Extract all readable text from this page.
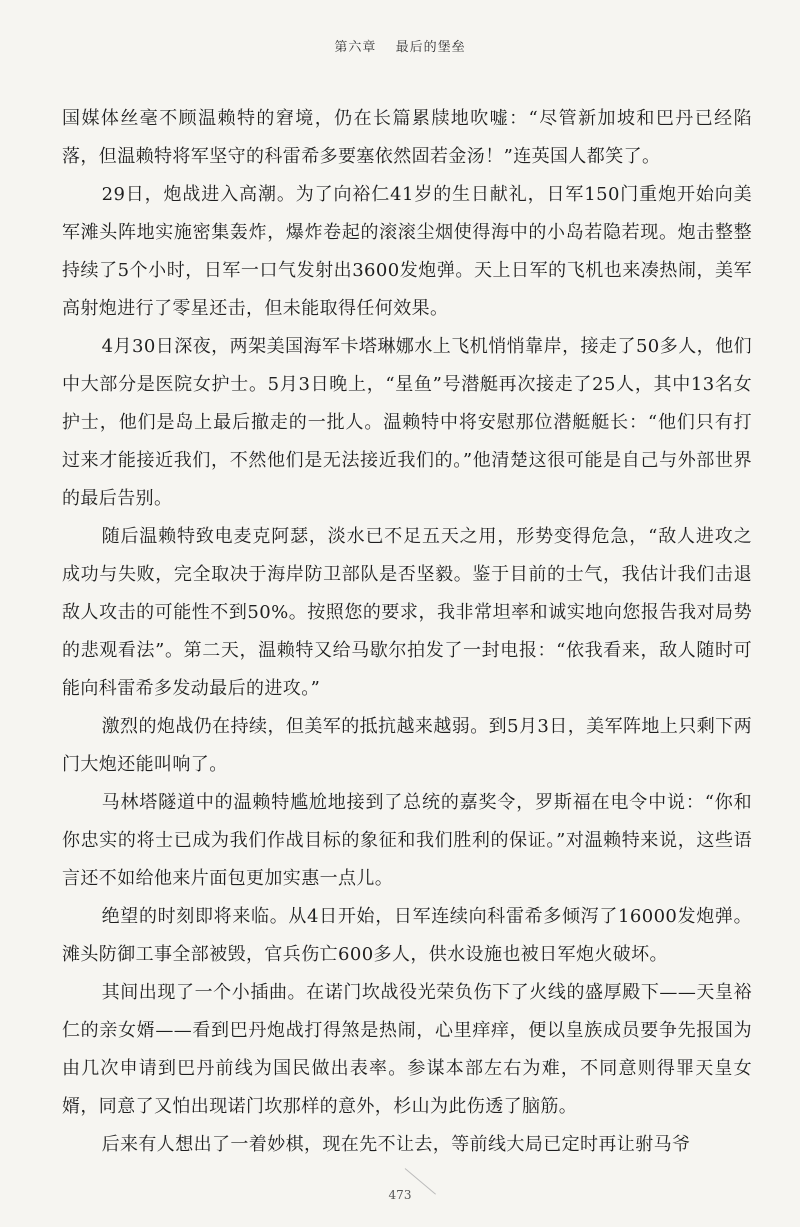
第六章 最后的堡垒

国媒体丝毫不顾温赖特的窘境，仍在长篇累牍地吹嘘：“尽管新加坡和巴丹已经陷落，但温赖特将军坚守的科雷希多要塞依然固若金汤！”连英国人都笑了。

29日，炮战进入高潮。为了向裕仁41岁的生日献礼，日军150门重炮开始向美军滩头阵地实施密集轰炸，爆炸卷起的滚滚尘烟使得海中的小岛若隐若现。炮击整整持续了5个小时，日军一口气发射出3600发炮弹。天上日军的飞机也来凑热闹，美军高射炮进行了零星还击，但未能取得任何效果。

4月30日深夜，两架美国海军卡塔琳娜水上飞机悄悄靠岸，接走了50多人，他们中大部分是医院女护士。5月3日晚上，“星鱼”号潜艇再次接走了25人，其中13名女护士，他们是岛上最后撤走的一批人。温赖特中将安慰那位潜艇艇长：“他们只有打过来才能接近我们，不然他们是无法接近我们的。”他清楚这很可能是自己与外部世界的最后告别。

随后温赖特致电麦克阿瑟，淡水已不足五天之用，形势变得危急，“敌人进攻之成功与失败，完全取决于海岸防卫部队是否坚毅。鉴于目前的士气，我估计我们击退敌人攻击的可能性不到50%。按照您的要求，我非常坦率和诚实地向您报告我对局势的悲观看法”。第二天，温赖特又给马歇尔拍发了一封电报：“依我看来，敌人随时可能向科雷希多发动最后的进攻。”

激烈的炮战仍在持续，但美军的抵抗越来越弱。到5月3日，美军阵地上只剩下两门大炮还能叫响了。

马林塔隧道中的温赖特尴尬地接到了总统的嘉奖令，罗斯福在电令中说：“你和你忠实的将士已成为我们作战目标的象征和我们胜利的保证。”对温赖特来说，这些语言还不如给他来片面包更加实惠一点儿。

绝望的时刻即将来临。从4日开始，日军连续向科雷希多倾泻了16000发炮弹。滩头防御工事全部被毁，官兵伤亡600多人，供水设施也被日军炮火破坏。

其间出现了一个小插曲。在诺门坎战役光荣负伤下了火线的盛厚殿下——天皇裕仁的亲女婿——看到巴丹炮战打得煞是热闹，心里痒痒，便以皇族成员要争先报国为由几次申请到巴丹前线为国民做出表率。参谋本部左右为难，不同意则得罪天皇女婿，同意了又怕出现诺门坎那样的意外，杉山为此伤透了脑筋。

后来有人想出了一着妙棋，现在先不让去，等前线大局已定时再让驸马爷

473
